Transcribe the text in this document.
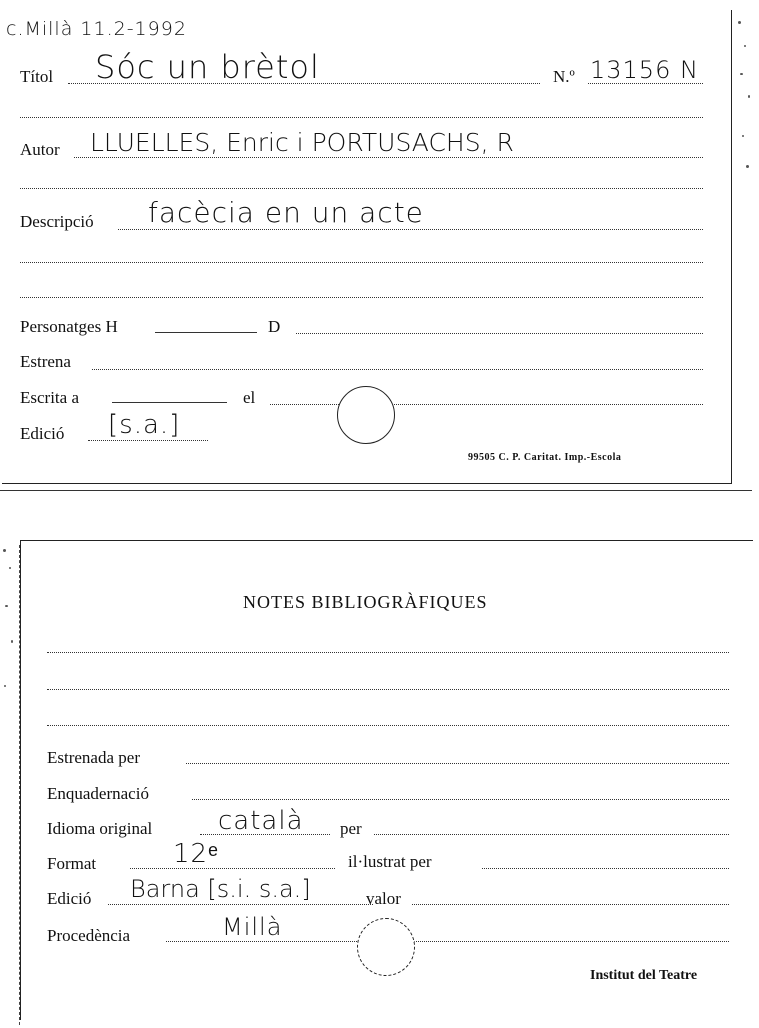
c.Millà 11.2-1992
Títol Sóc un brètol	N.º 13156 N
Autor LLUELLES, Enric i PORTUSACHS, R
Descripció facècia en un acte
Personatges H	D
Estrena
Escrita a	el
Edició [s.a.]
99505 C. P. Caritat. Imp.-Escola
NOTES BIBLIOGRÀFIQUES
Estrenada per
Enquadernació
Idioma original	català per
Format	12ᵉ	il·lustrat per
Edició Barna [s.i. s.a.]	valor
Procedència	Millà
Institut del Teatre
